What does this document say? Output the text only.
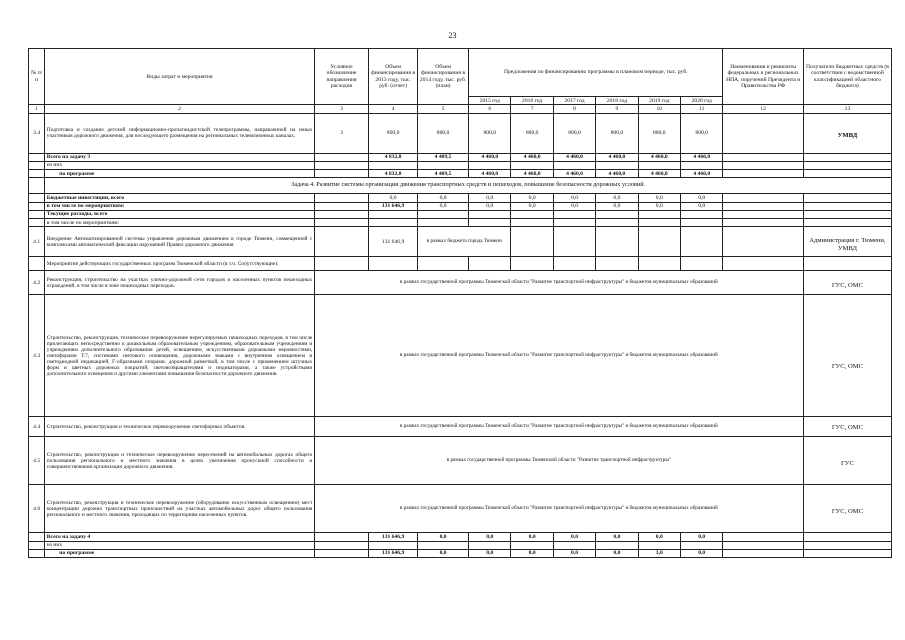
23
№ п/п	Виды затрат и мероприятия	Условное обозначение направления расходов	Объем финансирования в 2013 году, тыс. руб. (отчет)	Объем финансирования в 2014 году, тыс. руб. (план)	Предложения по финансированию программы в плановом периоде, тыс. руб.						Наименования и реквизиты федеральных и региональных НПА, поручений Президента и Правительства РФ	Получатели бюджетных средств (в соответствии с ведомственной классификацией областного бюджета)
					2015 год	2016 год	2017 год	2018 год	2019 год	2020 год		
1	2	3	4	5	6	7	8	9	10	11	12	13
3.4	Подготовка и создание детской информационно-пропагандистской телепрограммы, направленной на юных участников дорожного движения, для последующего размещения на региональных телевизионных каналах.	3	800,0	800,0	800,0	800,0	800,0	800,0	800,0	800,0		УМВД
	Всего на задачу 3		4 832,8	4 409,5	4 460,0	4 460,0	4 460,0	4 460,0	4 460,0	4 460,0		
	из них											
	по программе		4 832,8	4 409,5	4 460,0	4 460,0	4 460,0	4 460,0	4 460,0	4 460,0		
	Задача 4. Развитие системы организации движения транспортных средств и пешеходов, повышение безопасности дорожных условий.											
	Бюджетные инвестиции, всего		0,0	0,0	0,0	0,0	0,0	0,0	0,0	0,0		
	в том числе по мероприятиям:		131 646,9	0,0	0,0	0,0	0,0	0,0	0,0	0,0		
	Текущие расходы, всего											
	в том числе по мероприятиям:											
4.1	Внедрение Автоматизированной системы управления дорожным движением в городе Тюмени, совмещенной с комплексами автоматической фиксации нарушений Правил дорожного движения		131 646,9	в рамках бюджета города Тюмени								Администрация г. Тюмени, УМВД
	Мероприятия действующих государственных программ Тюменской области (в т.ч. Сопутствующие):											
4.2	Реконструкция, строительство на участках улично-дорожной сети городов и населенных пунктов пешеходных ограждений, в том числе в зоне пешеходных переходов.	в рамках государственной программы Тюменской области "Развитие транспортной инфраструктуры" и бюджетов муниципальных образований										ГУС, ОМС
4.3	Строительство, реконструкция, техническое перевооружение нерегулируемых пешеходных переходов, в том числе прилегающих непосредственно к дошкольным образовательным учреждениям, образовательным учреждениям и учреждениям дополнительного образования детей, освещением, искусственными дорожными неровностями, светофорами Т.7, системами светового оповещения, дорожными знаками с внутренним освещением и светодиодной индикацией, Г-образными опорами, дорожной разметкой, в том числе с применением штучных форм и цветных дорожных покрытий, световозвращателями и индикаторами, а также устройствами дополнительного освещения и другими элементами повышения безопасности дорожного движения.	в рамках государственной программы Тюменской области "Развитие транспортной инфраструктуры" и бюджетов муниципальных образований										ГУС, ОМС
4.4	Строительство, реконструкция и техническое перевооружение светофорных объектов.	в рамках государственной программы Тюменской области "Развитие транспортной инфраструктуры" и бюджетов муниципальных образований										ГУС, ОМС
4.5	Строительство, реконструкция и техническое перевооружение пересечений на автомобильных дорогах общего пользования регионального и местного значения в целях увеличения пропускной способности и совершенствования организации дорожного движения.	в рамках государственной программы Тюменской области "Развитие транспортной инфраструктуры"										ГУС
4.6	Строительство, реконструкция и техническое перевооружение (оборудование искусственным освещением) мест концентрации дорожно транспортных происшествий на участках автомобильных дорог общего пользования регионального и местного значения, проходящих по территориям населенных пунктов.	в рамках государственной программы Тюменской области "Развитие транспортной инфраструктуры" и бюджетов муниципальных образований										ГУС, ОМС
	Всего на задачу 4		131 646,9	0,0	0,0	0,0	0,0	0,0	0,0	0,0		
	из них											
	по программе		131 646,9	0,0	0,0	0,0	0,0	0,0	3,0	0,0		
